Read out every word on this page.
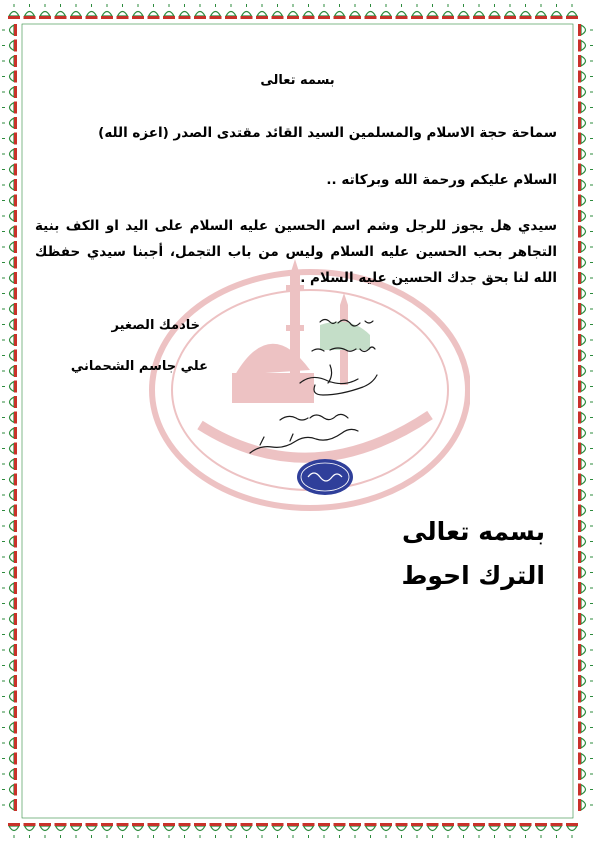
بسمه تعالى
سماحة حجة الاسلام والمسلمين السيد القائد مقتدى الصدر (اعزه الله)
السلام عليكم ورحمة الله وبركاته ..
سيدي هل يجوز للرجل وشم اسم الحسين عليه السلام على اليد او الكف بنية التجاهر بحب الحسين عليه السلام وليس من باب التجمل، أجبنا سيدي حفظك الله لنا بحق جدك الحسين عليه السلام .
خادمك الصغير
علي جاسم الشحماني
بسمه تعالى
الترك احوط
